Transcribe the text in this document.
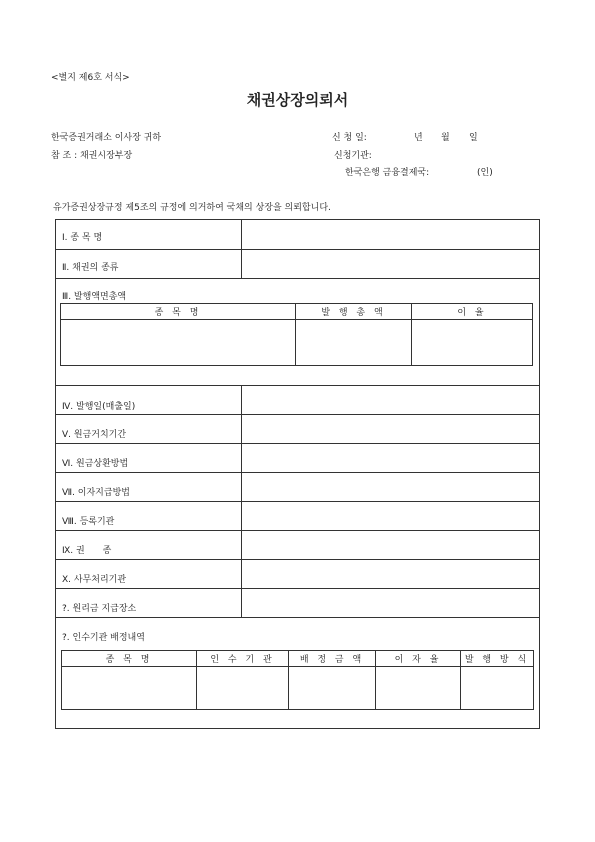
<별지 제6호 서식>
채권상장의뢰서
한국증권거래소 이사장 귀하
참 조 : 채권시장부장
신 청 일:	년 월 일
신청기관:
한국은행 금융결제국:	(인)
유가증권상장규정 제5조의 규정에 의거하여 국채의 상장을 의뢰합니다.
Ⅰ. 종 목 명
Ⅱ. 채권의 종류
Ⅲ. 발행액면총액
종 목 명	발 행 총 액	이 율

Ⅳ. 발행일(매출일)
Ⅴ. 원금거치기간
Ⅵ. 원금상환방법
Ⅶ. 이자지급방법
Ⅷ. 등록기관
Ⅸ. 권　　종
Ⅹ. 사무처리기관
?. 원리금 지급장소
?. 인수기관 배정내역
종 목 명	인 수 기 관	배 정 금 액	이 자 율	발 행 방 식
